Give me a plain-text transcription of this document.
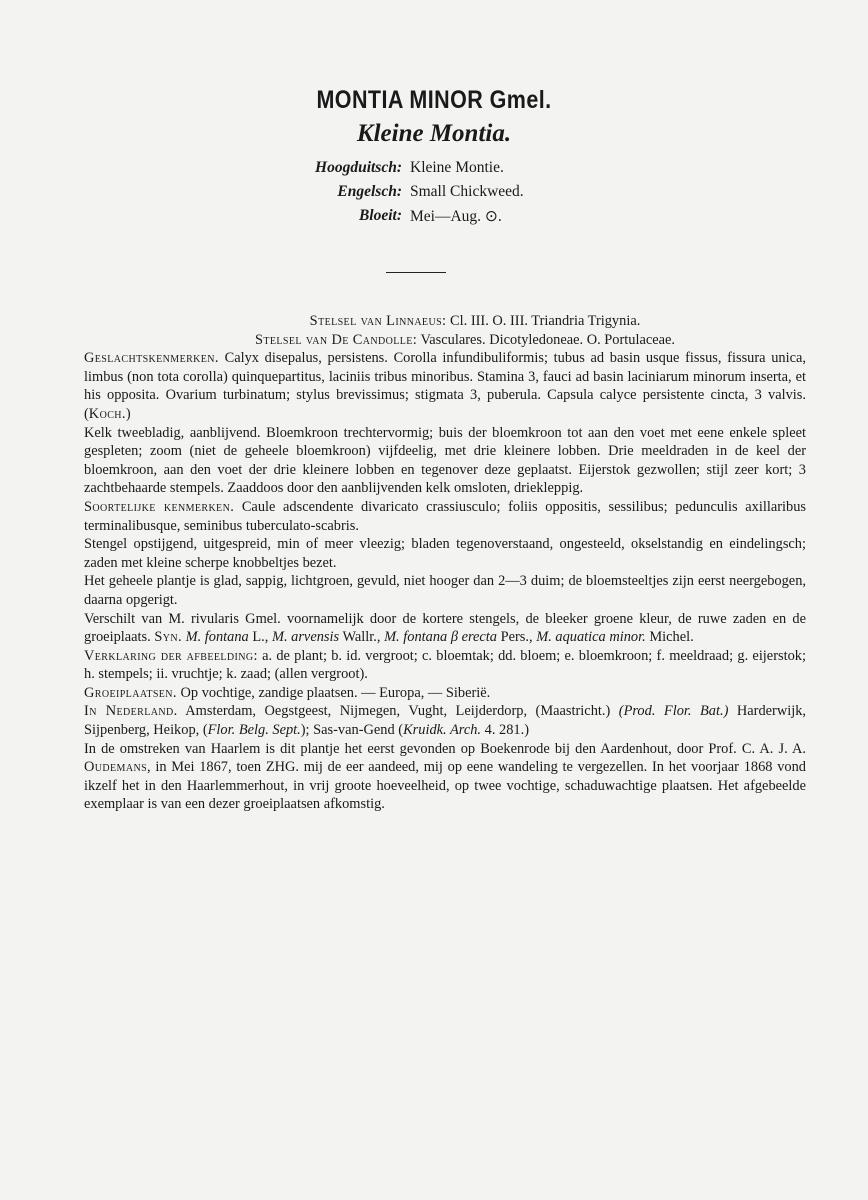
MONTIA MINOR Gmel.
Kleine Montia.
Hoogduitsch: Kleine Montie.
Engelsch: Small Chickweed.
Bloeit: Mei—Aug. ⊙.

Stelsel van Linnaeus: Cl. III. O. III. Triandria Trigynia.

Stelsel van De Candolle: Vasculares. Dicotyledoneae. O. Portulaceae.

Geslachtskenmerken. Calyx disepalus, persistens. Corolla infundibuliformis; tubus ad basin usque fissus, fissura unica, limbus (non tota corolla) quinquepartitus, laciniis tribus minoribus. Stamina 3, fauci ad basin laciniarum minorum inserta, et his opposita. Ovarium turbinatum; stylus brevissimus; stigmata 3, puberula. Capsula calyce persistente cincta, 3 valvis. (Koch.)

Kelk tweebladig, aanblijvend. Bloemkroon trechtervormig; buis der bloemkroon tot aan den voet met eene enkele spleet gespleten; zoom (niet de geheele bloemkroon) vijfdeelig, met drie kleinere lobben. Drie meeldraden in de keel der bloemkroon, aan den voet der drie kleinere lobben en tegenover deze geplaatst. Eijerstok gezwollen; stijl zeer kort; 3 zachtbehaarde stempels. Zaaddoos door den aanblijvenden kelk omsloten, driekleppig.

Soortelijke kenmerken. Caule adscendente divaricato crassiusculo; foliis oppositis, sessilibus; pedunculis axillaribus terminalibusque, seminibus tuberculato-scabris.

Stengel opstijgend, uitgespreid, min of meer vleezig; bladen tegenoverstaand, ongesteeld, okselstandig en eindelingsch; zaden met kleine scherpe knobbeltjes bezet.

Het geheele plantje is glad, sappig, lichtgroen, gevuld, niet hooger dan 2—3 duim; de bloemsteeltjes zijn eerst neergebogen, daarna opgerigt.

Verschilt van M. rivularis Gmel. voornamelijk door de kortere stengels, de bleeker groene kleur, de ruwe zaden en de groeiplaats. Syn. M. fontana L., M. arvensis Wallr., M. fontana β erecta Pers., M. aquatica minor. Michel.

Verklaring der afbeelding: a. de plant; b. id. vergroot; c. bloemtak; dd. bloem; e. bloemkroon; f. meeldraad; g. eijerstok; h. stempels; ii. vruchtje; k. zaad; (allen vergroot).

Groeiplaatsen. Op vochtige, zandige plaatsen. — Europa, — Siberië.

In Nederland. Amsterdam, Oegstgeest, Nijmegen, Vught, Leijderdorp, (Maastricht.) (Prod. Flor. Bat.) Harderwijk, Sijpenberg, Heikop, (Flor. Belg. Sept.); Sas-van-Gend (Kruidk. Arch. 4. 281.)

In de omstreken van Haarlem is dit plantje het eerst gevonden op Boekenrode bij den Aardenhout, door Prof. C. A. J. A. Oudemans, in Mei 1867, toen ZHG. mij de eer aandeed, mij op eene wandeling te vergezellen. In het voorjaar 1868 vond ikzelf het in den Haarlemmerhout, in vrij groote hoeveelheid, op twee vochtige, schaduwachtige plaatsen. Het afgebeelde exemplaar is van een dezer groeiplaatsen afkomstig.
